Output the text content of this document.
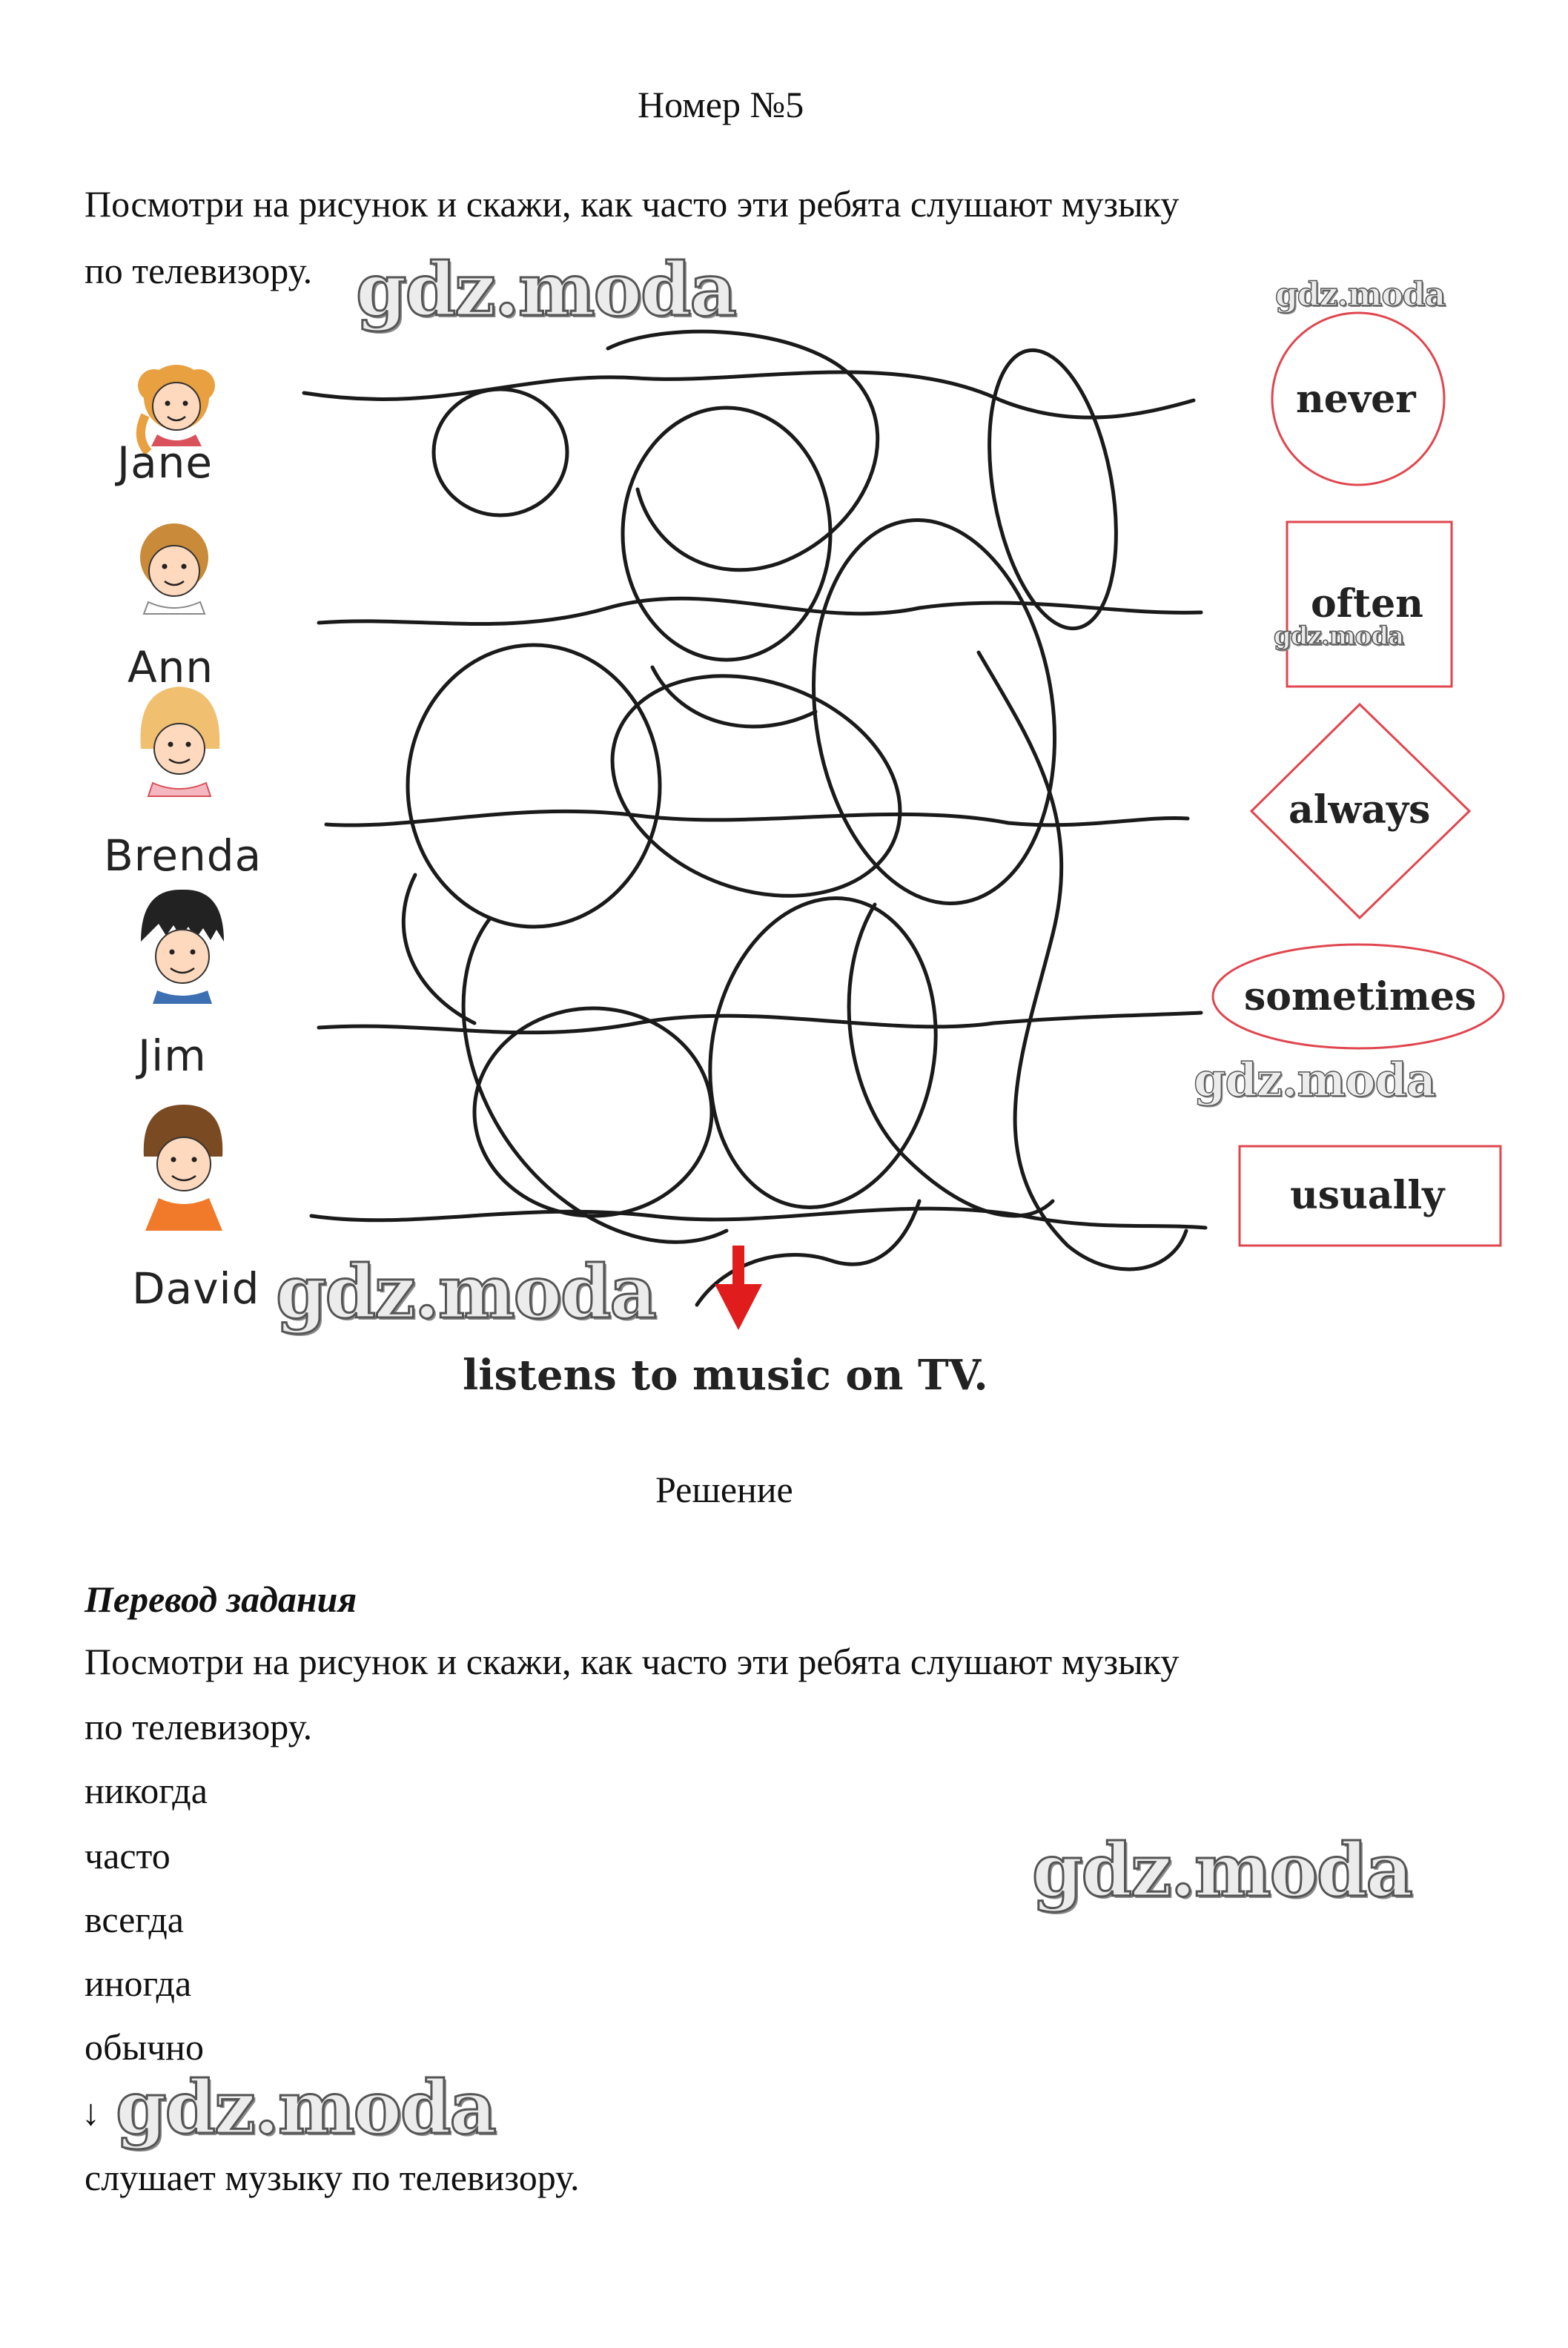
Номер №5
Посмотри на рисунок и скажи, как часто эти ребята слушают музыку
по телевизору. gdz.moda	gdz.moda
Jane
Ann
Brenda
Jim
David
never
often
always
sometimes
usually
gdz.moda
gdz.moda
gdz.moda
listens to music on TV.
Решение
Перевод задания
Посмотри на рисунок и скажи, как часто эти ребята слушают музыку
по телевизору.
никогда
часто
всегда
иногда
обычно
↓
слушает музыку по телевизору.
gdz.moda
gdz.moda
